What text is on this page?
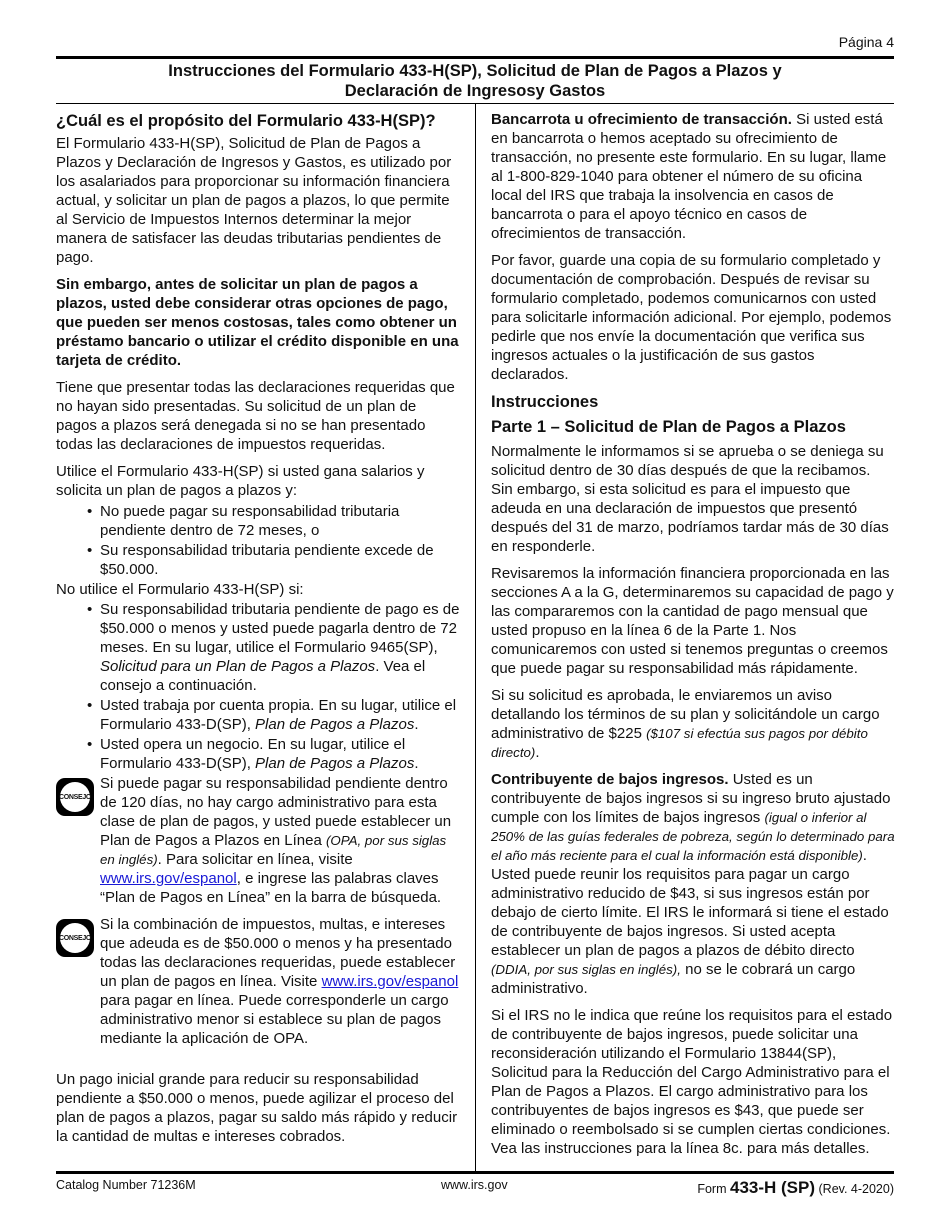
Página 4
Instrucciones del Formulario 433-H(SP), Solicitud de Plan de Pagos a Plazos y
Declaración de Ingresosy Gastos
¿Cuál es el propósito del Formulario 433-H(SP)?

El Formulario 433-H(SP), Solicitud de Plan de Pagos a Plazos y Declaración de Ingresos y Gastos, es utilizado por los asalariados para proporcionar su información financiera actual, y solicitar un plan de pagos a plazos, lo que permite al Servicio de Impuestos Internos determinar la mejor manera de satisfacer las deudas tributarias pendientes de pago.

Sin embargo, antes de solicitar un plan de pagos a plazos, usted debe considerar otras opciones de pago, que pueden ser menos costosas, tales como obtener un préstamo bancario o utilizar el crédito disponible en una tarjeta de crédito.

Tiene que presentar todas las declaraciones requeridas que no hayan sido presentadas. Su solicitud de un plan de pagos a plazos será denegada si no se han presentado todas las declaraciones de impuestos requeridas.

Utilice el Formulario 433-H(SP) si usted gana salarios y solicita un plan de pagos a plazos y:

• No puede pagar su responsabilidad tributaria pendiente dentro de 72 meses, o
• Su responsabilidad tributaria pendiente excede de $50.000.

No utilice el Formulario 433-H(SP) si:

• Su responsabilidad tributaria pendiente de pago es de $50.000 o menos y usted puede pagarla dentro de 72 meses. En su lugar, utilice el Formulario 9465(SP), Solicitud para un Plan de Pagos a Plazos. Vea el consejo a continuación.
• Usted trabaja por cuenta propia. En su lugar, utilice el Formulario 433-D(SP), Plan de Pagos a Plazos.
• Usted opera un negocio. En su lugar, utilice el Formulario 433-D(SP), Plan de Pagos a Plazos.
CONSEJO
Si puede pagar su responsabilidad pendiente dentro de 120 días, no hay cargo administrativo para esta clase de plan de pagos, y usted puede establecer un Plan de Pagos a Plazos en Línea (OPA, por sus siglas en inglés). Para solicitar en línea, visite www.irs.gov/espanol, e ingrese las palabras claves “Plan de Pagos en Línea” en la barra de búsqueda.
CONSEJO
Si la combinación de impuestos, multas, e intereses que adeuda es de $50.000 o menos y ha presentado todas las declaraciones requeridas, puede establecer un plan de pagos en línea. Visite www.irs.gov/espanol para pagar en línea. Puede corresponderle un cargo administrativo menor si establece su plan de pagos mediante la aplicación de OPA.

Un pago inicial grande para reducir su responsabilidad pendiente a $50.000 o menos, puede agilizar el proceso del plan de pagos a plazos, pagar su saldo más rápido y reducir la cantidad de multas e intereses cobrados.

Bancarrota u ofrecimiento de transacción. Si usted está en bancarrota o hemos aceptado su ofrecimiento de transacción, no presente este formulario. En su lugar, llame al 1-800-829-1040 para obtener el número de su oficina local del IRS que trabaja la insolvencia en casos de bancarrota o para el apoyo técnico en casos de ofrecimientos de transacción.

Por favor, guarde una copia de su formulario completado y documentación de comprobación. Después de revisar su formulario completado, podemos comunicarnos con usted para solicitarle información adicional. Por ejemplo, podemos pedirle que nos envíe la documentación que verifica sus ingresos actuales o la justificación de sus gastos declarados.

Instrucciones
Parte 1 – Solicitud de Plan de Pagos a Plazos

Normalmente le informamos si se aprueba o se deniega su solicitud dentro de 30 días después de que la recibamos. Sin embargo, si esta solicitud es para el impuesto que adeuda en una declaración de impuestos que presentó después del 31 de marzo, podríamos tardar más de 30 días en responderle.

Revisaremos la información financiera proporcionada en las secciones A a la G, determinaremos su capacidad de pago y las compararemos con la cantidad de pago mensual que usted propuso en la línea 6 de la Parte 1. Nos comunicaremos con usted si tenemos preguntas o creemos que puede pagar su responsabilidad más rápidamente.

Si su solicitud es aprobada, le enviaremos un aviso detallando los términos de su plan y solicitándole un cargo administrativo de $225 ($107 si efectúa sus pagos por débito directo).

Contribuyente de bajos ingresos. Usted es un contribuyente de bajos ingresos si su ingreso bruto ajustado cumple con los límites de bajos ingresos (igual o inferior al 250% de las guías federales de pobreza, según lo determinado para el año más reciente para el cual la información está disponible). Usted puede reunir los requisitos para pagar un cargo administrativo reducido de $43, si sus ingresos están por debajo de cierto límite. El IRS le informará si tiene el estado de contribuyente de bajos ingresos. Si usted acepta establecer un plan de pagos a plazos de débito directo (DDIA, por sus siglas en inglés), no se le cobrará un cargo administrativo.

Si el IRS no le indica que reúne los requisitos para el estado de contribuyente de bajos ingresos, puede solicitar una reconsideración utilizando el Formulario 13844(SP), Solicitud para la Reducción del Cargo Administrativo para el Plan de Pagos a Plazos. El cargo administrativo para los contribuyentes de bajos ingresos es $43, que puede ser eliminado o reembolsado si se cumplen ciertas condiciones. Vea las instrucciones para la línea 8c. para más detalles.

Catalog Number 71236M	www.irs.gov	Form 433-H (SP) (Rev. 4-2020)
